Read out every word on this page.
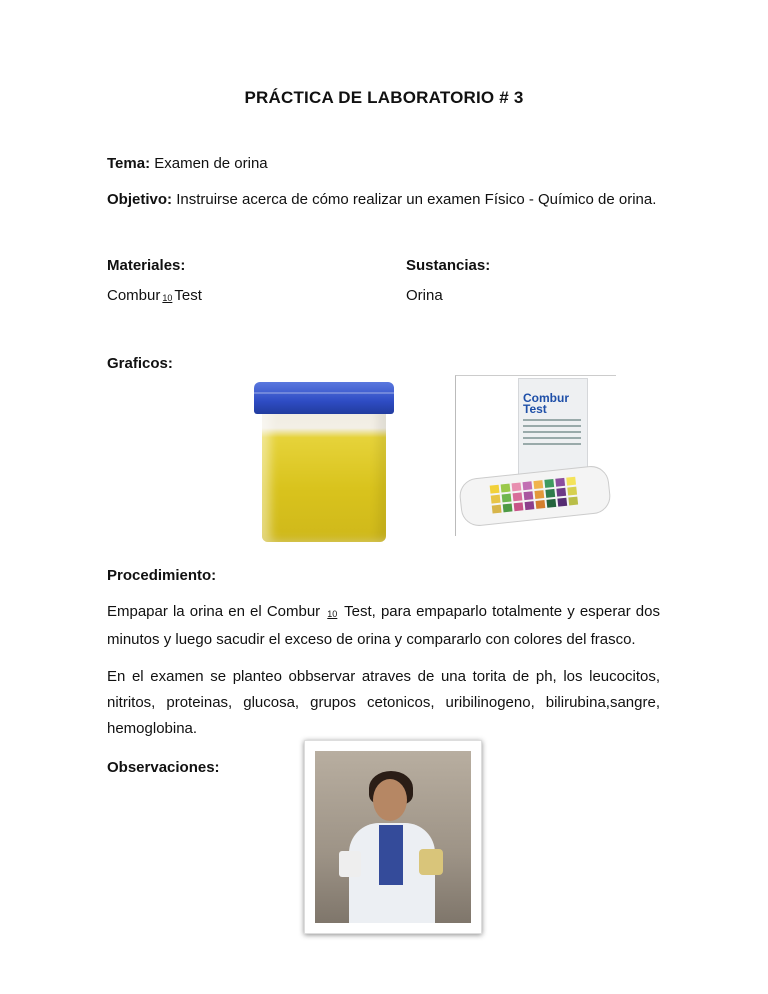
PRÁCTICA DE LABORATORIO # 3
Tema: Examen de orina
Objetivo: Instruirse acerca de cómo realizar un examen Físico - Químico de orina.
Materiales:
Combur 10 Test
Sustancias:
Orina
Graficos:
Combur Test
Procedimiento:
Empapar la orina en el Combur 10 Test, para empaparlo totalmente y esperar dos minutos y luego sacudir el exceso de orina y compararlo con colores del frasco.
En el examen se planteo obbservar atraves de una torita de ph, los leucocitos, nitritos, proteinas, glucosa, grupos cetonicos, uribilinogeno, bilirubina,sangre, hemoglobina.
Observaciones:
